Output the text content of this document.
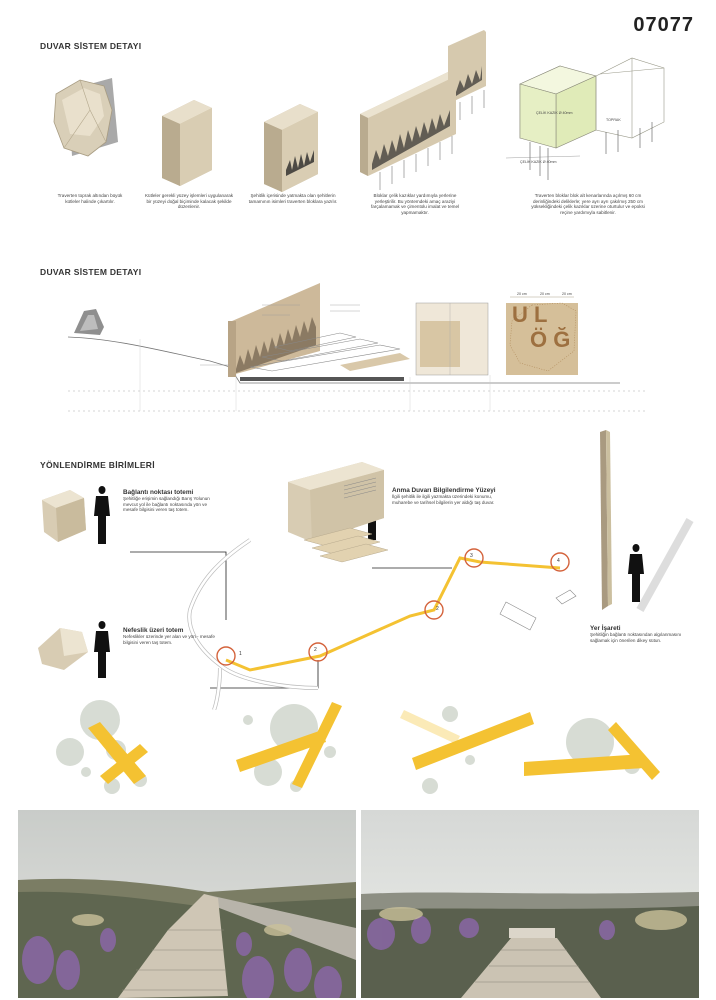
07077
DUVAR SİSTEM DETAYI
ÇELİK KAZIK Ø 40mm
ÇELİK KAZIK Ø 40mm
TOPRAK
Traverten toprak altından büyük kütleler halinde çıkartılır.
Kütleler gerekli yüzey işlemleri uygulanarak bir yüzeyi doğal biçiminde kalacak şekilde düzenlenir.
Şehitlik içerisinde yatmakta olan şehitlerin tamamının isimleri traverten bloklara yazılır.
Bloklar çelik kazıklar yardımıyla yerlerine yerleştirilir. Bu yöntemdeki amaç araziyi farçalamamak ve çimentolu imalat ve temel yapmamaktır.
Traverten bloklar blok alt kenarlarında açılmış 60 cm derinliğindeki deliklerle; yere ayrı ayrı çakılmış 250 cm yüksekliğindeki çelik kazıklar üzerine oturtulur ve epoksi reçine yardımıyla sabitlenir.
DUVAR SİSTEM DETAYI
20 cm	20 cm	20 cm
U L
Ö Ğ
YÖNLENDİRME BİRİMLERİ
1
2
2
3
4
Bağlantı noktası totemi
Şehitliğe erişimin sağlandığı Barış Yolunun mevcut yol ile bağlantı noktasında yön ve mesafe bilgisini veren taş totem.
Anma Duvarı Bilgilendirme Yüzeyi
İlgili şehitlik ile ilgili yazmakta üzerindeki konumu, muharebe ve tarihsel bilgilerin yer aldığı taş duvar.
Nefeslik üzeri totem
Nefeslikler üzerinde yer alan ve yön - mesafe bilgisini veren taş totem.
Yer İşareti
Şehitliğin bağlantı noktasından algılanmasını sağlamak için önerilen dikey sütun.
